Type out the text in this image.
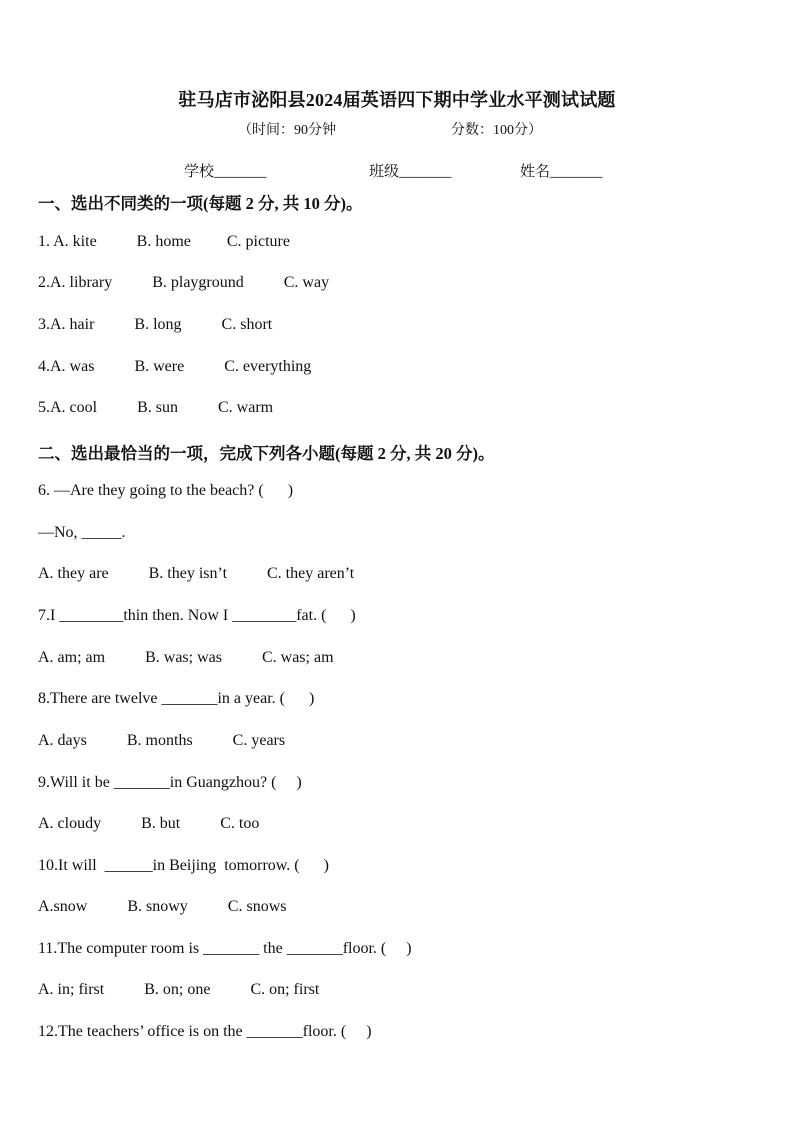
驻马店市泌阳县2024届英语四下期中学业水平测试试题
（时间：90分钟	分数：100分）
学校_______	班级_______	姓名_______
一、选出不同类的一项(每题 2 分, 共 10 分)。
1. A. kite          B. home         C. picture
2.A. library          B. playground          C. way
3.A. hair          B. long          C. short
4.A. was          B. were          C. everything
5.A. cool          B. sun          C. warm
二、选出最恰当的一项，完成下列各小题(每题 2 分, 共 20 分)。
6. —Are they going to the beach? (      )
—No, _____.
A. they are          B. they isn’t          C. they aren’t
7.I ________thin then. Now I ________fat. (      )
A. am; am          B. was; was          C. was; am
8.There are twelve _______in a year. (      )
A. days          B. months          C. years
9.Will it be _______in Guangzhou? (     )
A. cloudy          B. but          C. too
10.It will  ______in Beijing  tomorrow. (      )
A.snow          B. snowy          C. snows
11.The computer room is _______ the _______floor. (     )
A. in; first          B. on; one          C. on; first
12.The teachers’ office is on the _______floor. (     )
